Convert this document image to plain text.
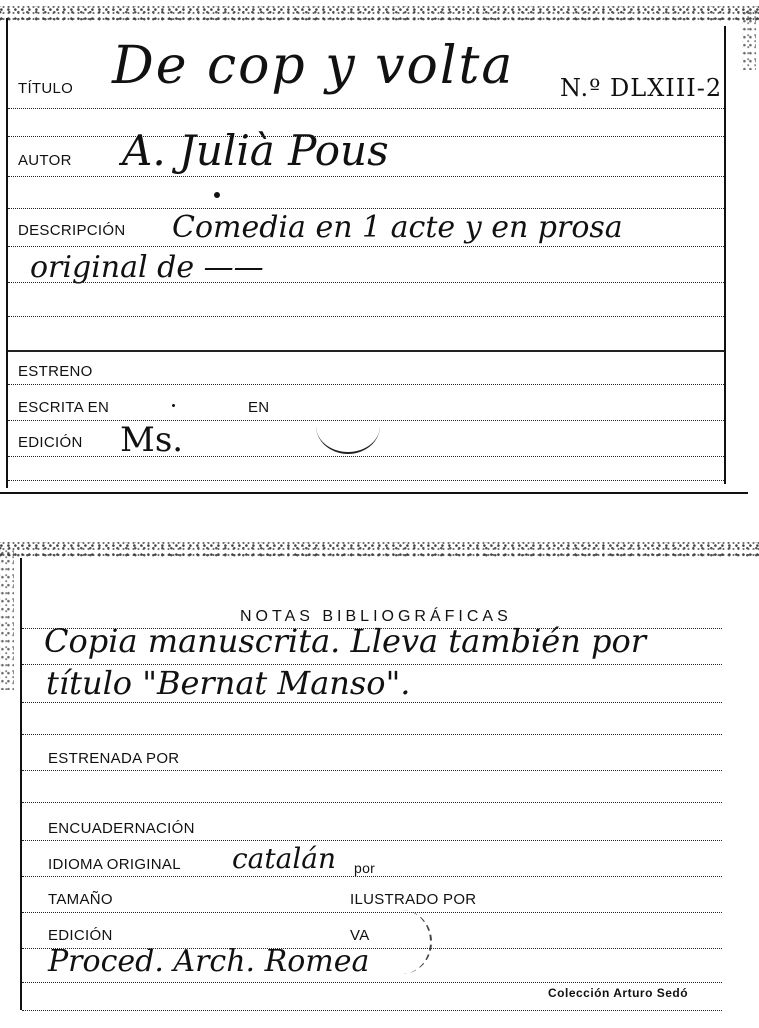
TÍTULO De cop y volta N.º DLXIII-2
AUTOR A. Julià Pous
DESCRIPCIÓN Comedia en 1 acte y en prosa
original de ——
ESTRENO
ESCRITA EN	EN
EDICIÓN Ms.
NOTAS BIBLIOGRÁFICAS
Copia manuscrita. Lleva también por
título "Bernat Manso".
ESTRENADA POR
ENCUADERNACIÓN
IDIOMA ORIGINAL catalán por
TAMAÑO	ILUSTRADO POR
EDICIÓN	VA
Proced. Arch. Romea
Colección Arturo Sedó
